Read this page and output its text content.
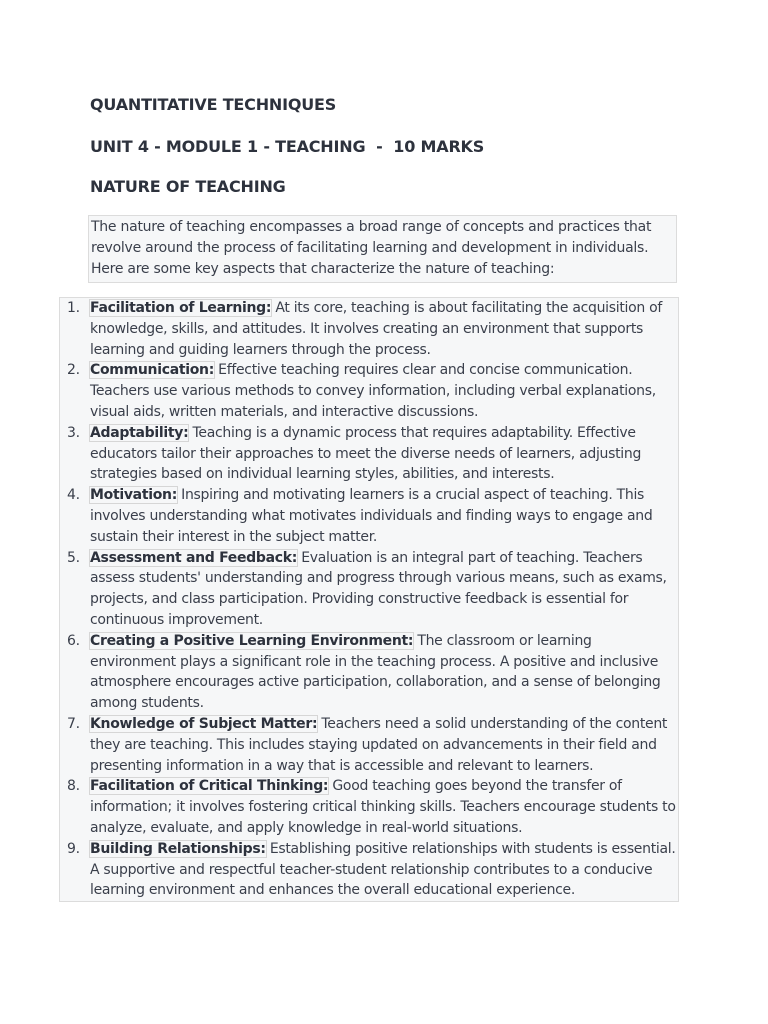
QUANTITATIVE TECHNIQUES
UNIT 4 - MODULE 1 - TEACHING  -  10 MARKS
NATURE OF TEACHING
The nature of teaching encompasses a broad range of concepts and practices that revolve around the process of facilitating learning and development in individuals. Here are some key aspects that characterize the nature of teaching:
1. Facilitation of Learning: At its core, teaching is about facilitating the acquisition of knowledge, skills, and attitudes. It involves creating an environment that supports learning and guiding learners through the process.
2. Communication: Effective teaching requires clear and concise communication. Teachers use various methods to convey information, including verbal explanations, visual aids, written materials, and interactive discussions.
3. Adaptability: Teaching is a dynamic process that requires adaptability. Effective educators tailor their approaches to meet the diverse needs of learners, adjusting strategies based on individual learning styles, abilities, and interests.
4. Motivation: Inspiring and motivating learners is a crucial aspect of teaching. This involves understanding what motivates individuals and finding ways to engage and sustain their interest in the subject matter.
5. Assessment and Feedback: Evaluation is an integral part of teaching. Teachers assess students' understanding and progress through various means, such as exams, projects, and class participation. Providing constructive feedback is essential for continuous improvement.
6. Creating a Positive Learning Environment: The classroom or learning environment plays a significant role in the teaching process. A positive and inclusive atmosphere encourages active participation, collaboration, and a sense of belonging among students.
7. Knowledge of Subject Matter: Teachers need a solid understanding of the content they are teaching. This includes staying updated on advancements in their field and presenting information in a way that is accessible and relevant to learners.
8. Facilitation of Critical Thinking: Good teaching goes beyond the transfer of information; it involves fostering critical thinking skills. Teachers encourage students to analyze, evaluate, and apply knowledge in real-world situations.
9. Building Relationships: Establishing positive relationships with students is essential. A supportive and respectful teacher-student relationship contributes to a conducive learning environment and enhances the overall educational experience.
